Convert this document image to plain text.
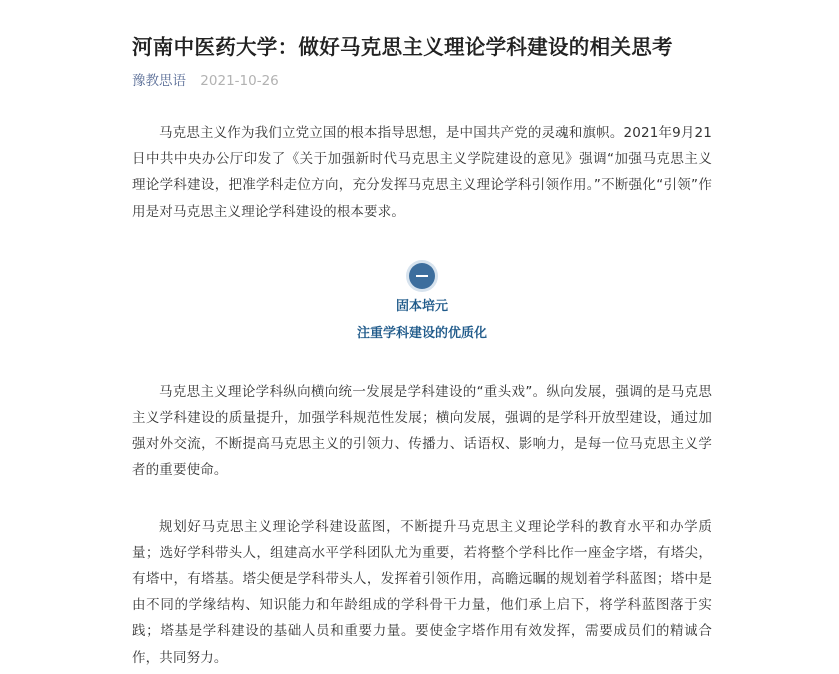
河南中医药大学：做好马克思主义理论学科建设的相关思考
豫教思语 2021-10-26

马克思主义作为我们立党立国的根本指导思想，是中国共产党的灵魂和旗帜。2021年9月21日中共中央办公厅印发了《关于加强新时代马克思主义学院建设的意见》强调“加强马克思主义理论学科建设，把准学科走位方向，充分发挥马克思主义理论学科引领作用。”不断强化“引领”作用是对马克思主义理论学科建设的根本要求。

固本培元
注重学科建设的优质化

马克思主义理论学科纵向横向统一发展是学科建设的“重头戏”。纵向发展，强调的是马克思主义学科建设的质量提升，加强学科规范性发展；横向发展，强调的是学科开放型建设，通过加强对外交流，不断提高马克思主义的引领力、传播力、话语权、影响力，是每一位马克思主义学者的重要使命。

规划好马克思主义理论学科建设蓝图，不断提升马克思主义理论学科的教育水平和办学质量；选好学科带头人，组建高水平学科团队尤为重要，若将整个学科比作一座金字塔，有塔尖，有塔中，有塔基。塔尖便是学科带头人，发挥着引领作用，高瞻远瞩的规划着学科蓝图；塔中是由不同的学缘结构、知识能力和年龄组成的学科骨干力量，他们承上启下，将学科蓝图落于实践；塔基是学科建设的基础人员和重要力量。要使金字塔作用有效发挥，需要成员们的精诚合作，共同努力。
